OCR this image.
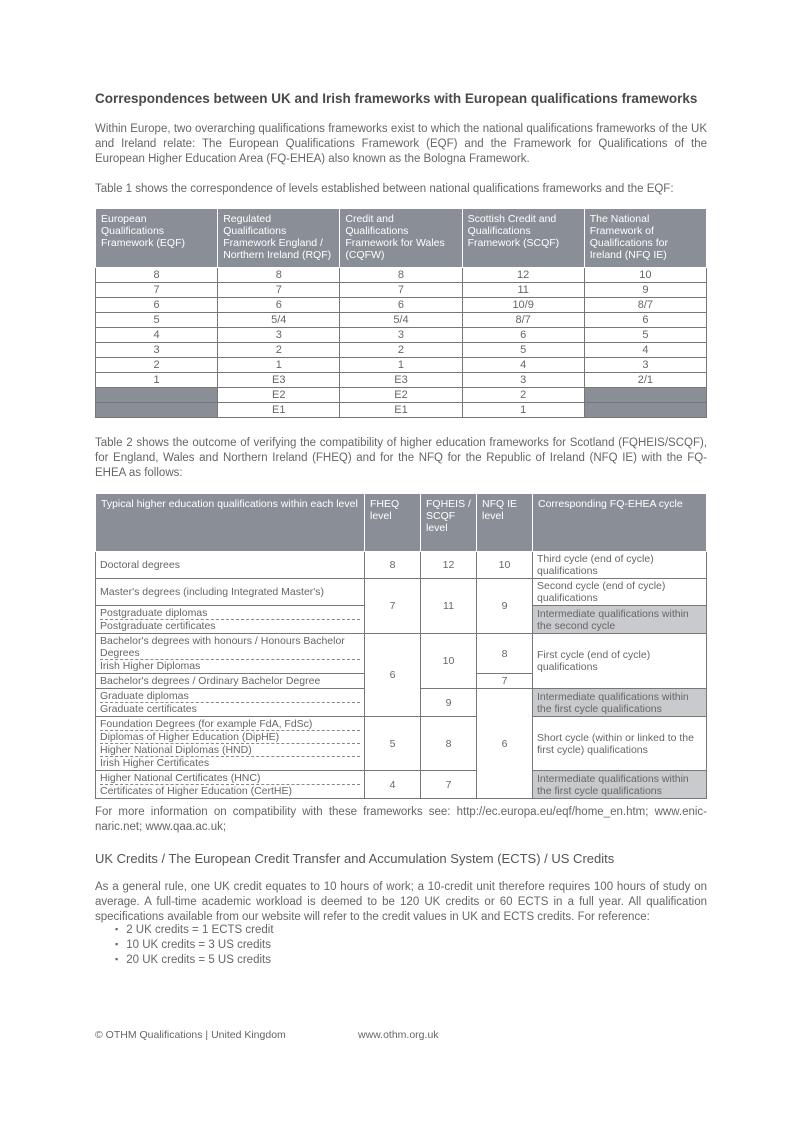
Correspondences between UK and Irish frameworks with European qualifications frameworks

Within Europe, two overarching qualifications frameworks exist to which the national qualifications frameworks of the UK and Ireland relate: The European Qualifications Framework (EQF) and the Framework for Qualifications of the European Higher Education Area (FQ-EHEA) also known as the Bologna Framework.

Table 1 shows the correspondence of levels established between national qualifications frameworks and the EQF:

European Qualifications Framework (EQF)	Regulated Qualifications Framework England / Northern Ireland (RQF)	Credit and Qualifications Framework for Wales (CQFW)	Scottish Credit and Qualifications Framework (SCQF)	The National Framework of Qualifications for Ireland (NFQ IE)
8	8	8	12	10
7	7	7	11	9
6	6	6	10/9	8/7
5	5/4	5/4	8/7	6
4	3	3	6	5
3	2	2	5	4
2	1	1	4	3
1	E3	E3	3	2/1
	E2	E2	2	
	E1	E1	1	

Table 2 shows the outcome of verifying the compatibility of higher education frameworks for Scotland (FQHEIS/SCQF), for England, Wales and Northern Ireland (FHEQ) and for the NFQ for the Republic of Ireland (NFQ IE) with the FQ-EHEA as follows:

Typical higher education qualifications within each level	FHEQ level	FQHEIS / SCQF level	NFQ IE level	Corresponding FQ-EHEA cycle

Doctoral degrees	8	12	10	Third cycle (end of cycle) qualifications

Master's degrees (including Integrated Master's)	7	11	9	Second cycle (end of cycle) qualifications

Postgraduate diplomas
Postgraduate certificates				Intermediate qualifications within the second cycle

Bachelor's degrees with honours / Honours Bachelor Degrees
Irish Higher Diplomas	6	10	8	First cycle (end of cycle) qualifications

Bachelor's degrees / Ordinary Bachelor Degree			7	

Graduate diplomas
Graduate certificates		9	6	Intermediate qualifications within the first cycle qualifications

Foundation Degrees (for example FdA, FdSc)
Diplomas of Higher Education (DipHE)
Higher National Diplomas (HND)
Irish Higher Certificates	5	8		Short cycle (within or linked to the first cycle) qualifications

Higher National Certificates (HNC)
Certificates of Higher Education (CertHE)	4	7		Intermediate qualifications within the first cycle qualifications

For more information on compatibility with these frameworks see: http://ec.europa.eu/eqf/home_en.htm; www.enic-naric.net; www.qaa.ac.uk;

UK Credits / The European Credit Transfer and Accumulation System (ECTS) / US Credits

As a general rule, one UK credit equates to 10 hours of work; a 10-credit unit therefore requires 100 hours of study on average. A full-time academic workload is deemed to be 120 UK credits or 60 ECTS in a full year. All qualification specifications available from our website will refer to the credit values in UK and ECTS credits. For reference:

▪ 2 UK credits = 1 ECTS credit
▪ 10 UK credits = 3 US credits
▪ 20 UK credits = 5 US credits
© OTHM Qualifications | United Kingdom	www.othm.org.uk
